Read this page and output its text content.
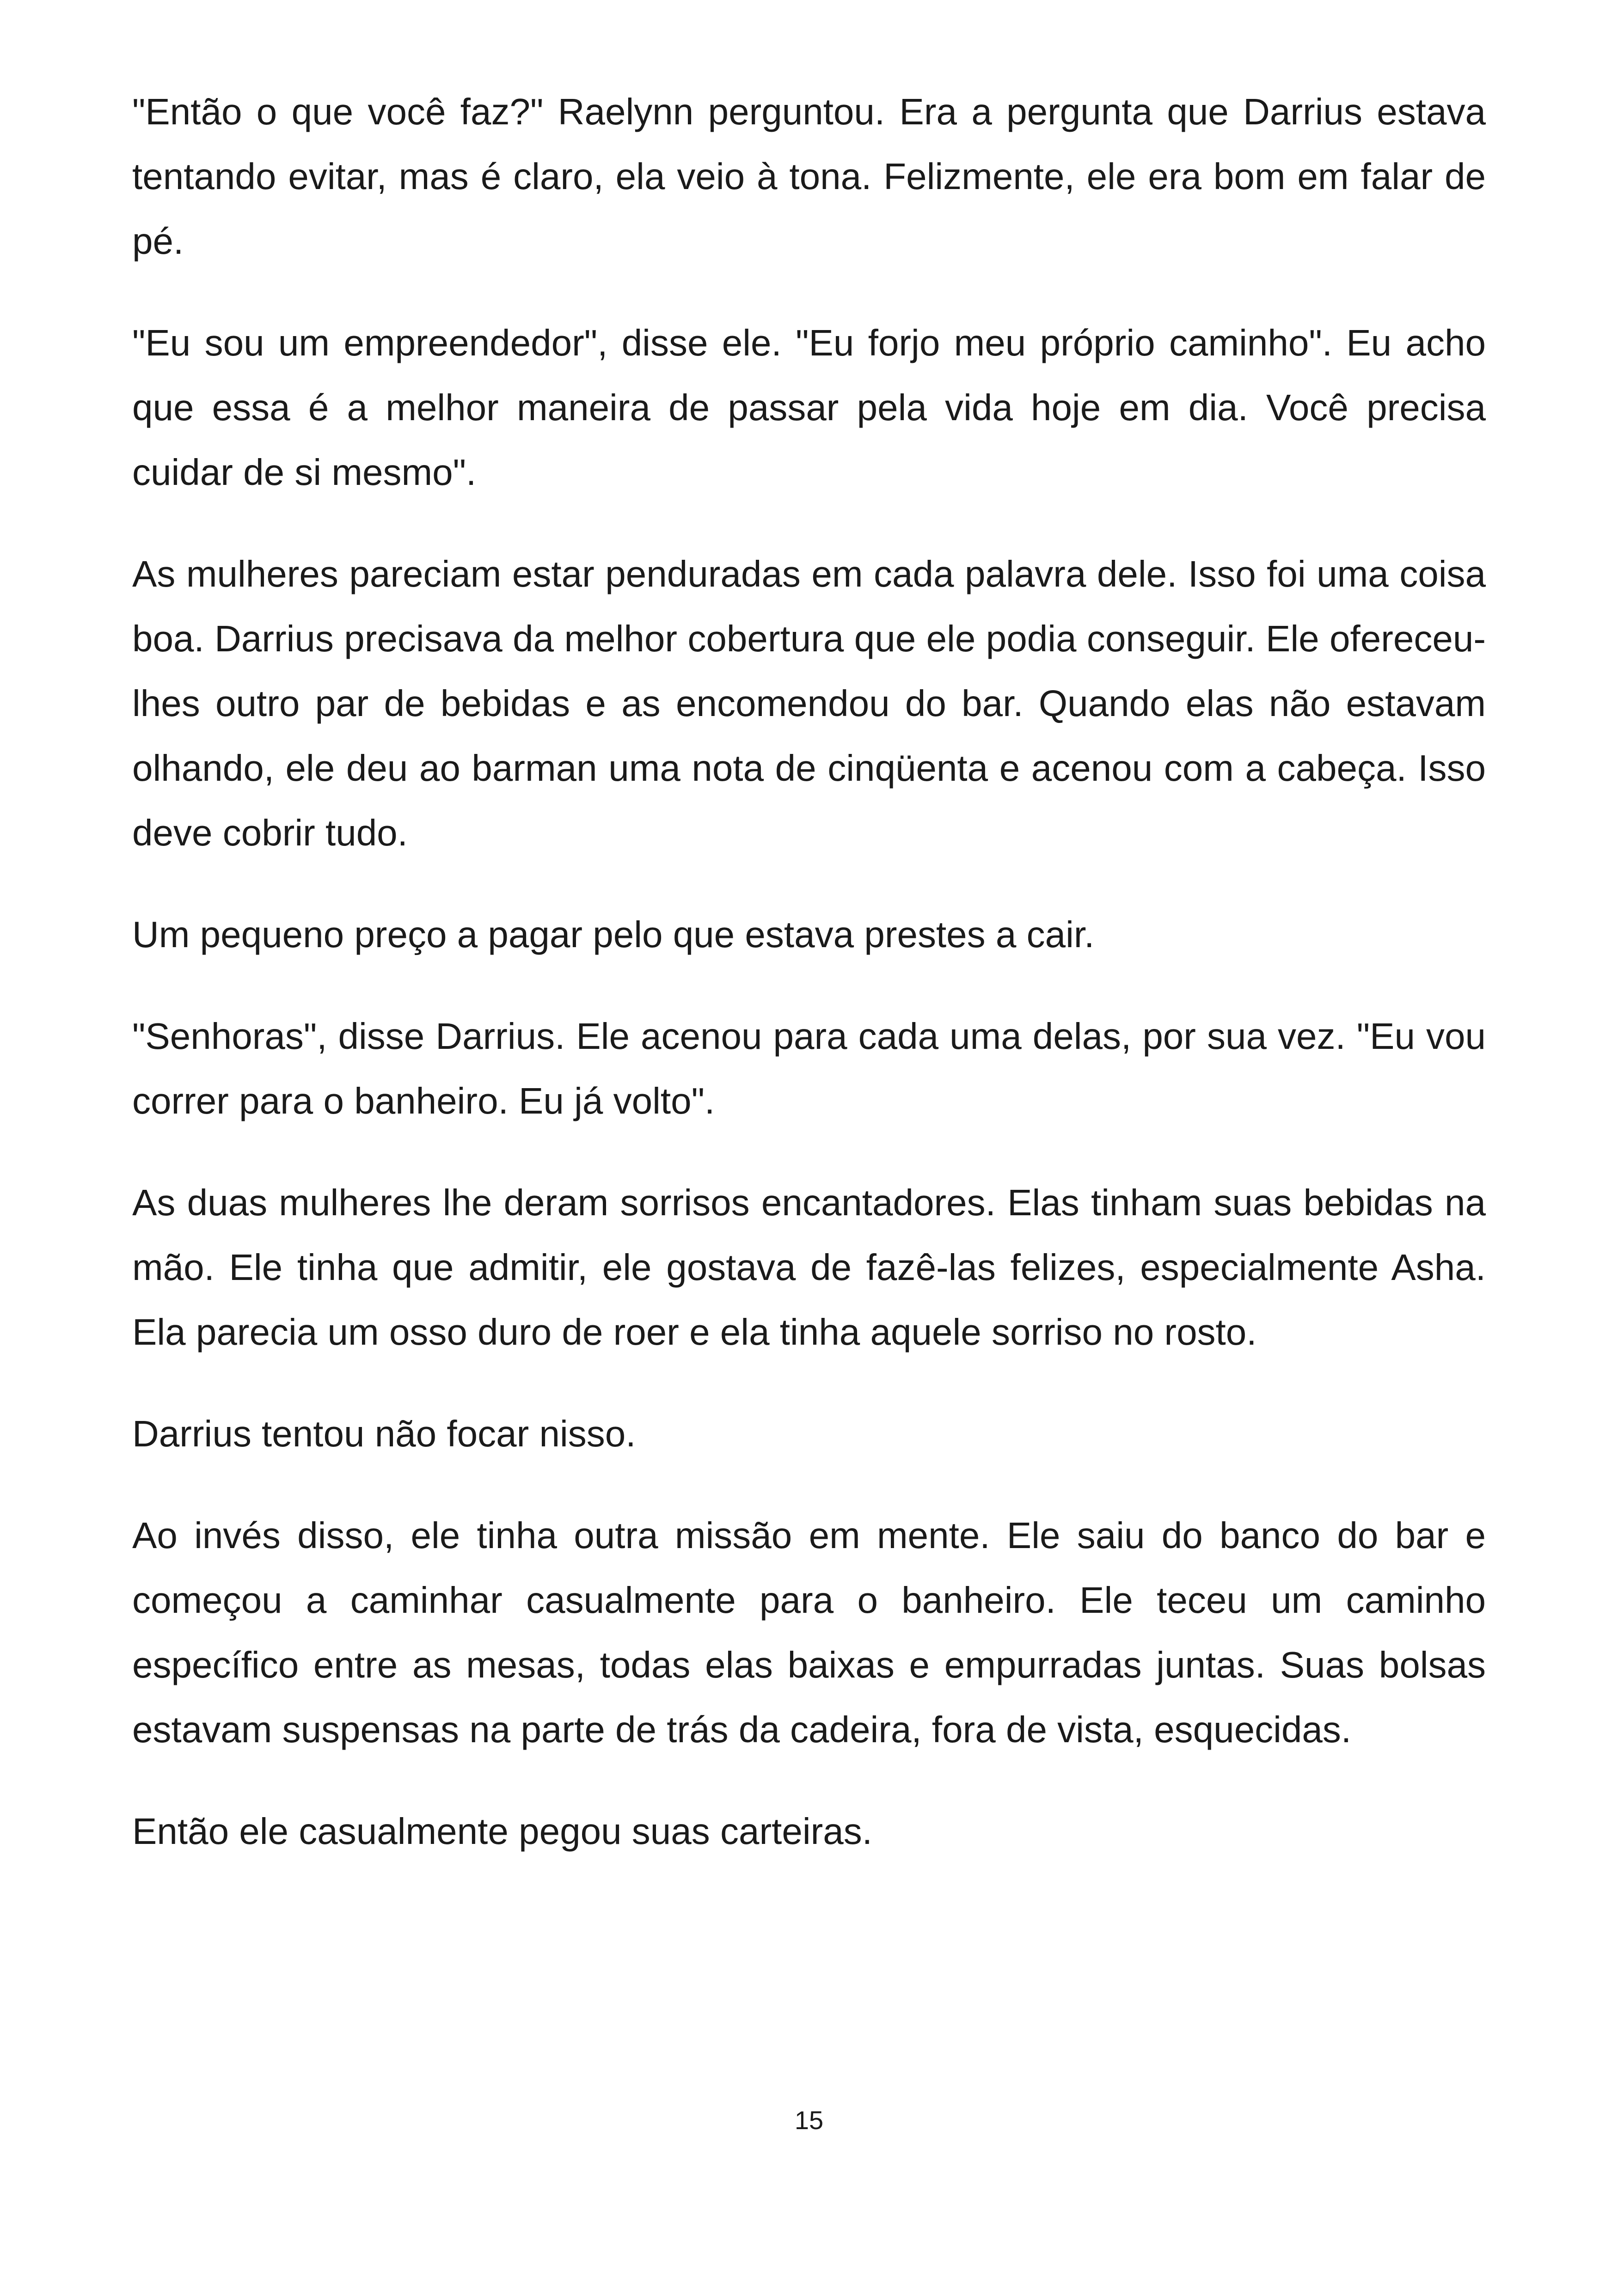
"Então o que você faz?" Raelynn perguntou. Era a pergunta que Darrius estava tentando evitar, mas é claro, ela veio à tona. Felizmente, ele era bom em falar de pé.

"Eu sou um empreendedor", disse ele. "Eu forjo meu próprio caminho". Eu acho que essa é a melhor maneira de passar pela vida hoje em dia. Você precisa cuidar de si mesmo".

As mulheres pareciam estar penduradas em cada palavra dele. Isso foi uma coisa boa. Darrius precisava da melhor cobertura que ele podia conseguir. Ele ofereceu-lhes outro par de bebidas e as encomendou do bar. Quando elas não estavam olhando, ele deu ao barman uma nota de cinqüenta e acenou com a cabeça. Isso deve cobrir tudo.

Um pequeno preço a pagar pelo que estava prestes a cair.

"Senhoras", disse Darrius. Ele acenou para cada uma delas, por sua vez. "Eu vou correr para o banheiro. Eu já volto".

As duas mulheres lhe deram sorrisos encantadores. Elas tinham suas bebidas na mão. Ele tinha que admitir, ele gostava de fazê-las felizes, especialmente Asha. Ela parecia um osso duro de roer e ela tinha aquele sorriso no rosto.

Darrius tentou não focar nisso.

Ao invés disso, ele tinha outra missão em mente. Ele saiu do banco do bar e começou a caminhar casualmente para o banheiro. Ele teceu um caminho específico entre as mesas, todas elas baixas e empurradas juntas. Suas bolsas estavam suspensas na parte de trás da cadeira, fora de vista, esquecidas.

Então ele casualmente pegou suas carteiras.

15
